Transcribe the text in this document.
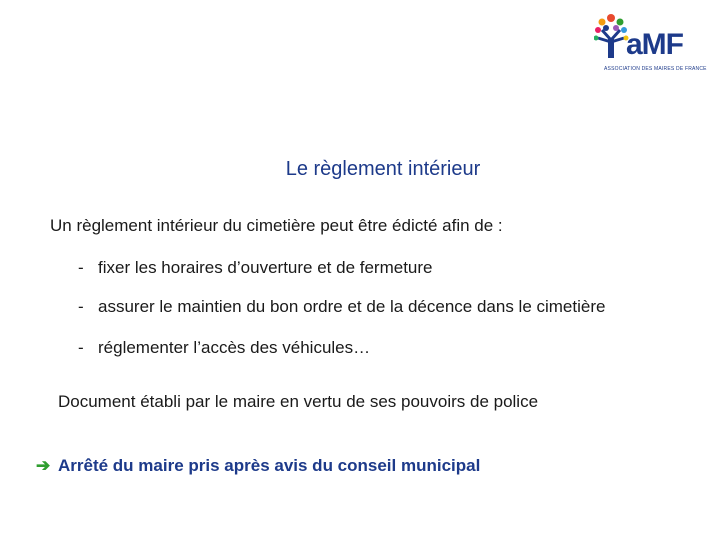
aMF
ASSOCIATION DES MAIRES DE FRANCE
Le règlement intérieur
Un règlement intérieur du cimetière peut être édicté afin de :
- fixer les horaires d’ouverture et de fermeture
- assurer le maintien du bon ordre et de la décence dans le cimetière
- réglementer l’accès des véhicules…
Document établi par le maire en vertu de ses pouvoirs de police
➔ Arrêté du maire pris après avis du conseil municipal
